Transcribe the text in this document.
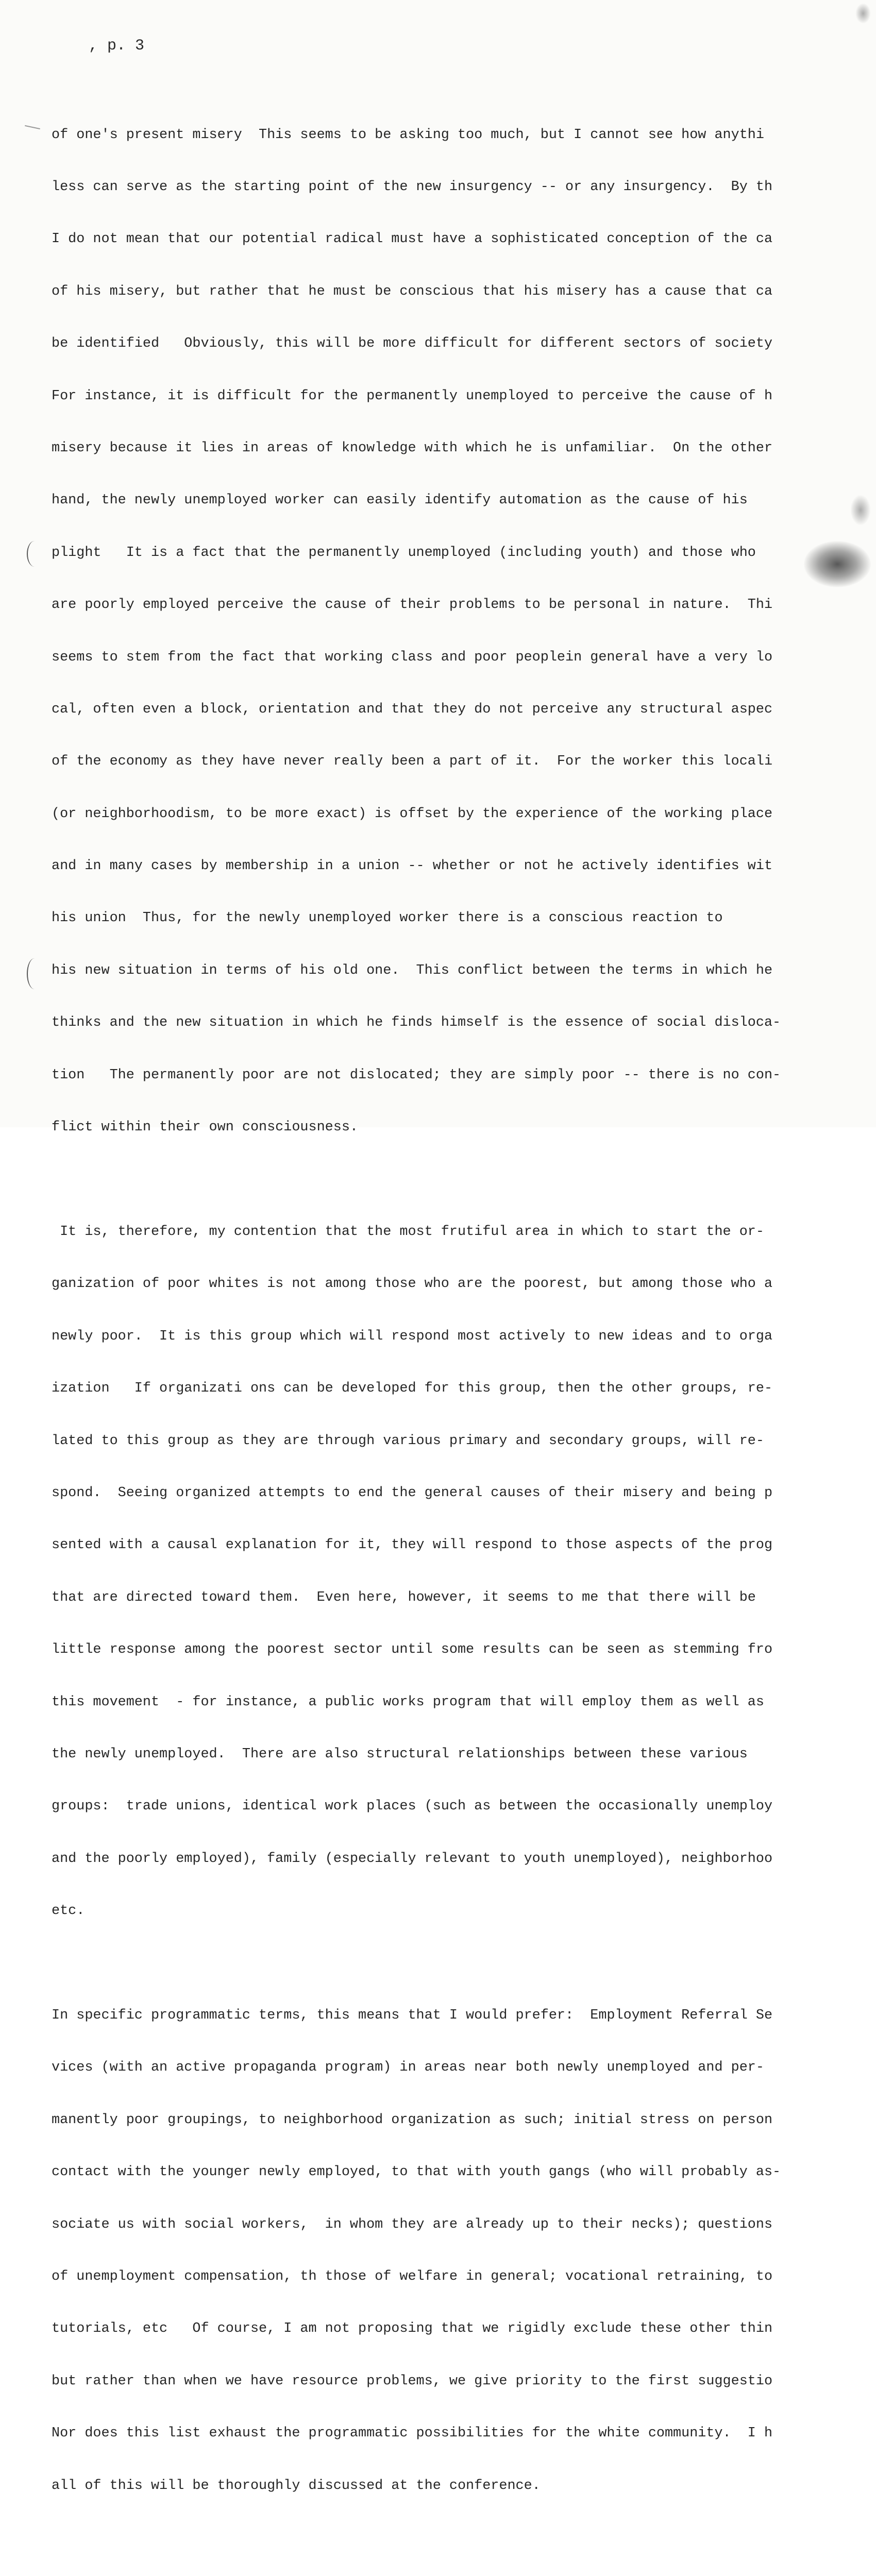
, p. 3

of one's present misery  This seems to be asking too much, but I cannot see how anythi

less can serve as the starting point of the new insurgency -- or any insurgency.  By th

I do not mean that our potential radical must have a sophisticated conception of the ca

of his misery, but rather that he must be conscious that his misery has a cause that ca

be identified   Obviously, this will be more difficult for different sectors of society

For instance, it is difficult for the permanently unemployed to perceive the cause of h

misery because it lies in areas of knowledge with which he is unfamiliar.  On the other

hand, the newly unemployed worker can easily identify automation as the cause of his

plight   It is a fact that the permanently unemployed (including youth) and those who

are poorly employed perceive the cause of their problems to be personal in nature.  Thi

seems to stem from the fact that working class and poor peoplein general have a very lo

cal, often even a block, orientation and that they do not perceive any structural aspec

of the economy as they have never really been a part of it.  For the worker this locali

(or neighborhoodism, to be more exact) is offset by the experience of the working place

and in many cases by membership in a union -- whether or not he actively identifies wit

his union  Thus, for the newly unemployed worker there is a conscious reaction to

his new situation in terms of his old one.  This conflict between the terms in which he

thinks and the new situation in which he finds himself is the essence of social disloca-

tion   The permanently poor are not dislocated; they are simply poor -- there is no con-

flict within their own consciousness.

It is, therefore, my contention that the most frutiful area in which to start the or-

ganization of poor whites is not among those who are the poorest, but among those who a

newly poor.  It is this group which will respond most actively to new ideas and to orga

ization   If organizati ons can be developed for this group, then the other groups, re-

lated to this group as they are through various primary and secondary groups, will re-

spond.  Seeing organized attempts to end the general causes of their misery and being p

sented with a causal explanation for it, they will respond to those aspects of the prog

that are directed toward them.  Even here, however, it seems to me that there will be

little response among the poorest sector until some results can be seen as stemming fro

this movement  - for instance, a public works program that will employ them as well as

the newly unemployed.  There are also structural relationships between these various

groups:  trade unions, identical work places (such as between the occasionally unemploy

and the poorly employed), family (especially relevant to youth unemployed), neighborhoo

etc.

In specific programmatic terms, this means that I would prefer:  Employment Referral Se

vices (with an active propaganda program) in areas near both newly unemployed and per-

manently poor groupings, to neighborhood organization as such; initial stress on person

contact with the younger newly employed, to that with youth gangs (who will probably as-

sociate us with social workers,  in whom they are already up to their necks); questions

of unemployment compensation, th those of welfare in general; vocational retraining, to

tutorials, etc   Of course, I am not proposing that we rigidly exclude these other thin

but rather than when we have resource problems, we give priority to the first suggestio

Nor does this list exhaust the programmatic possibilities for the white community.  I h

all of this will be thoroughly discussed at the conference.
